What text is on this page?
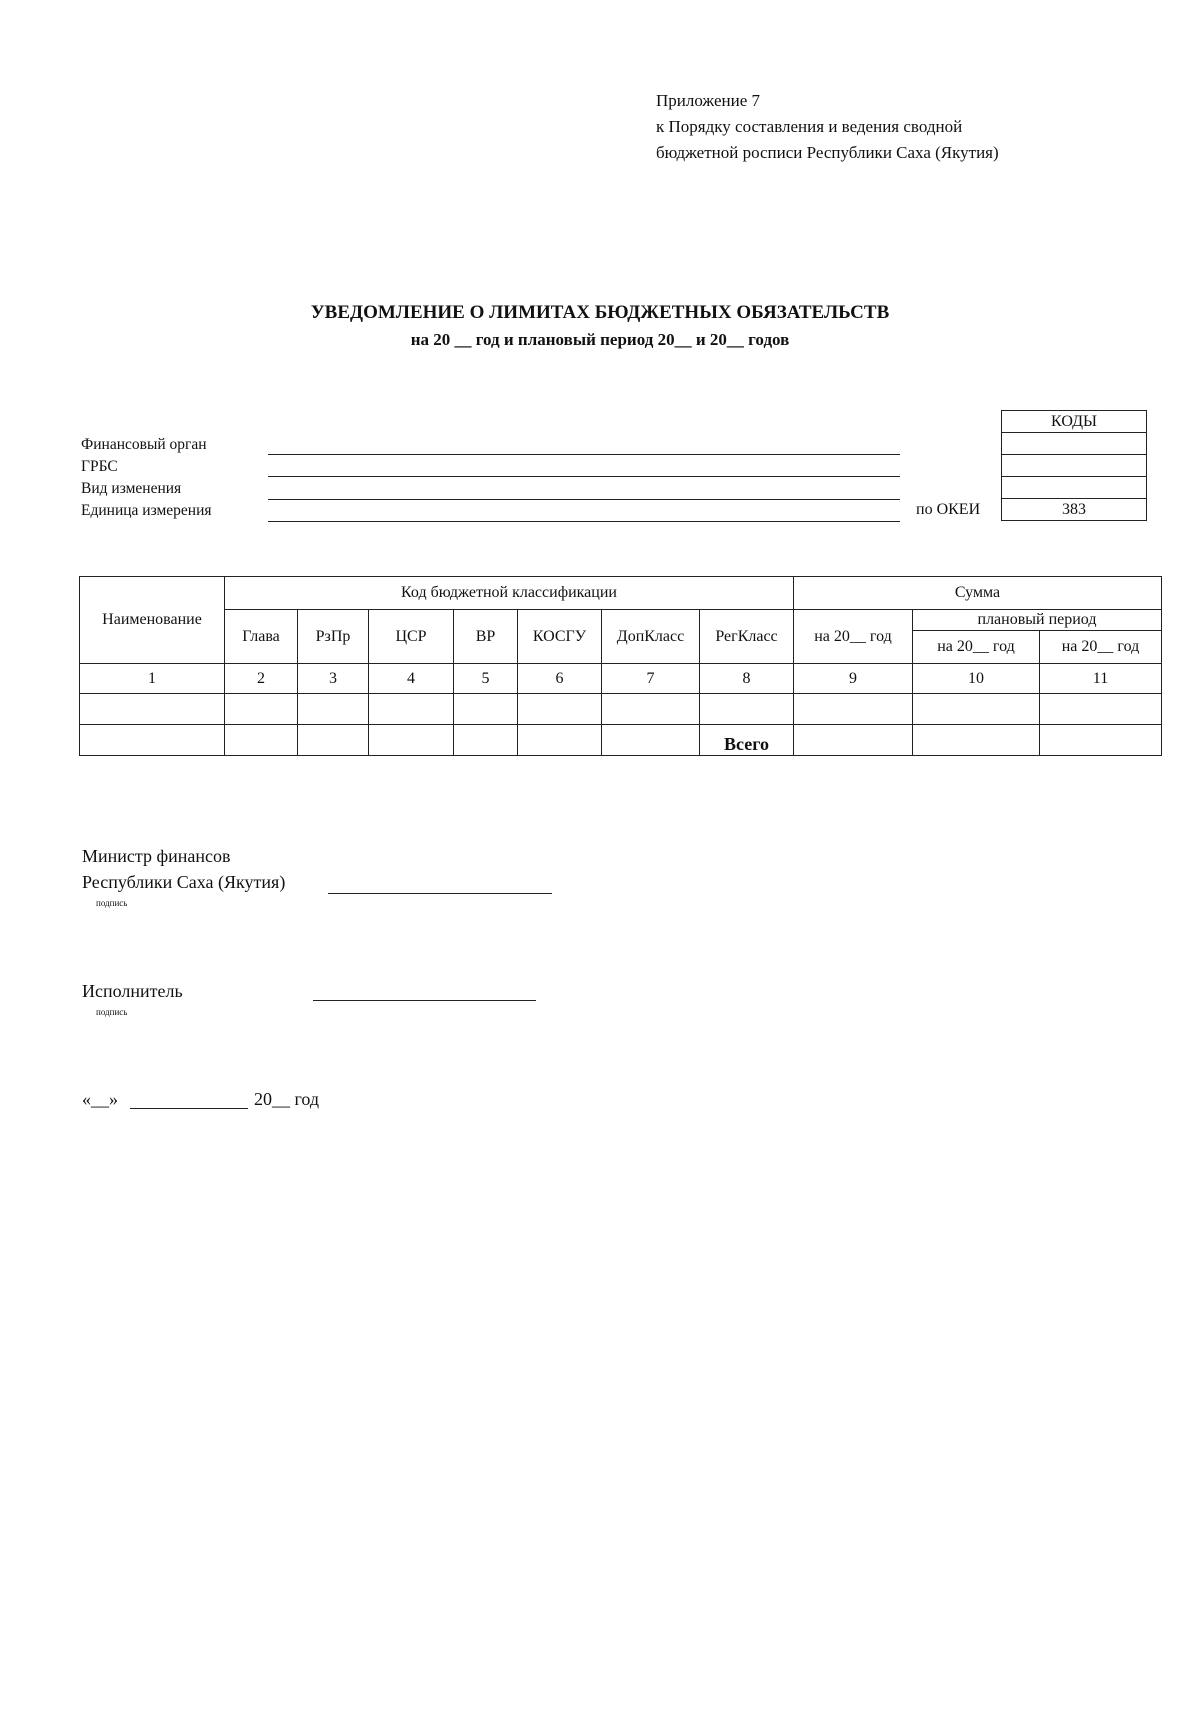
Приложение 7
к Порядку составления и ведения сводной
бюджетной росписи Республики Саха (Якутия)
УВЕДОМЛЕНИЕ О ЛИМИТАХ БЮДЖЕТНЫХ ОБЯЗАТЕЛЬСТВ
на 20 __ год и плановый период 20__ и 20__ годов
Финансовый орган
ГРБС
Вид изменения
Единица измерения	по ОКЕИ
КОДЫ

383
Наименование	Код бюджетной классификации							Сумма		
	Глава	РзПр	ЦСР	ВР	КОСГУ	ДопКласс	РегКласс	на 20__ год	плановый период	
									на 20__ год	на 20__ год
1	2	3	4	5	6	7	8	9	10	11

							Всего			
Министр финансов
Республики Саха (Якутия)
подпись
Исполнитель
подпись
«__»	20__ год
